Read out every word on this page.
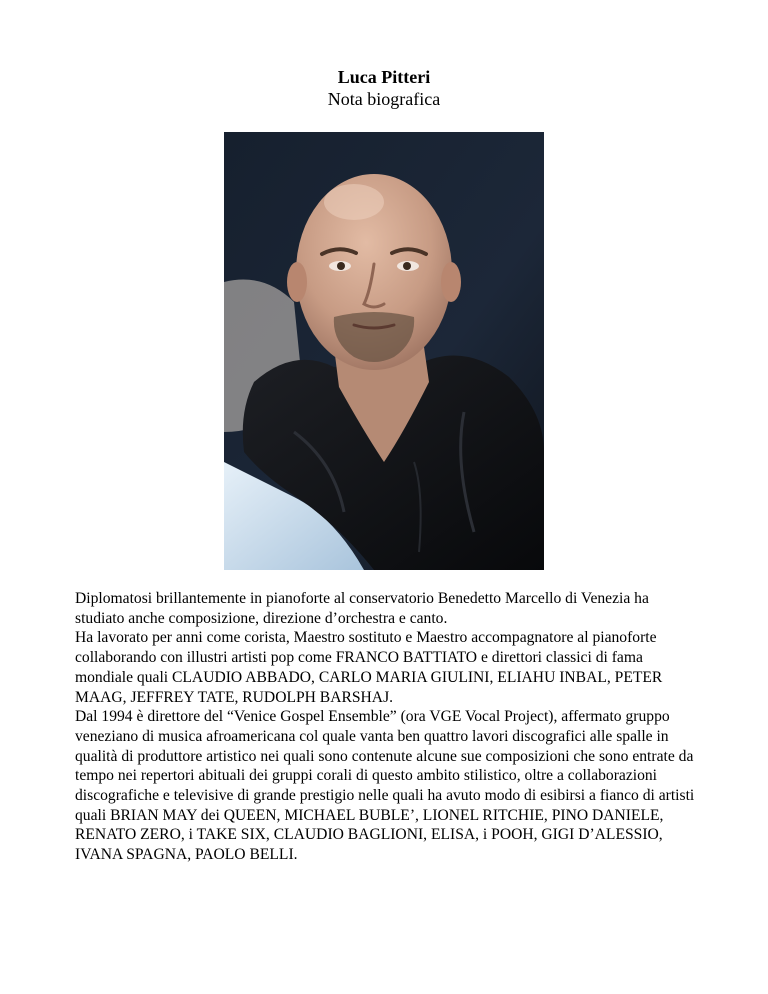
Luca Pitteri
Nota biografica

Diplomatosi brillantemente in pianoforte al conservatorio Benedetto Marcello di Venezia ha studiato anche composizione, direzione d’orchestra e canto.

Ha lavorato per anni come corista, Maestro sostituto e Maestro accompagnatore al pianoforte collaborando con illustri artisti pop come FRANCO BATTIATO e direttori classici di fama mondiale quali CLAUDIO ABBADO, CARLO MARIA GIULINI, ELIAHU INBAL, PETER MAAG, JEFFREY TATE, RUDOLPH BARSHAJ.

Dal 1994 è direttore del “Venice Gospel Ensemble” (ora VGE Vocal Project), affermato gruppo veneziano di musica afroamericana col quale vanta ben quattro lavori discografici alle spalle in qualità di produttore artistico nei quali sono contenute alcune sue composizioni che sono entrate da tempo nei repertori abituali dei gruppi corali di questo ambito stilistico, oltre a collaborazioni discografiche e televisive di grande prestigio nelle quali ha avuto modo di esibirsi a fianco di artisti quali BRIAN MAY dei QUEEN, MICHAEL BUBLE’, LIONEL RITCHIE, PINO DANIELE, RENATO ZERO, i TAKE SIX, CLAUDIO BAGLIONI, ELISA, i POOH, GIGI D’ALESSIO, IVANA SPAGNA, PAOLO BELLI.
